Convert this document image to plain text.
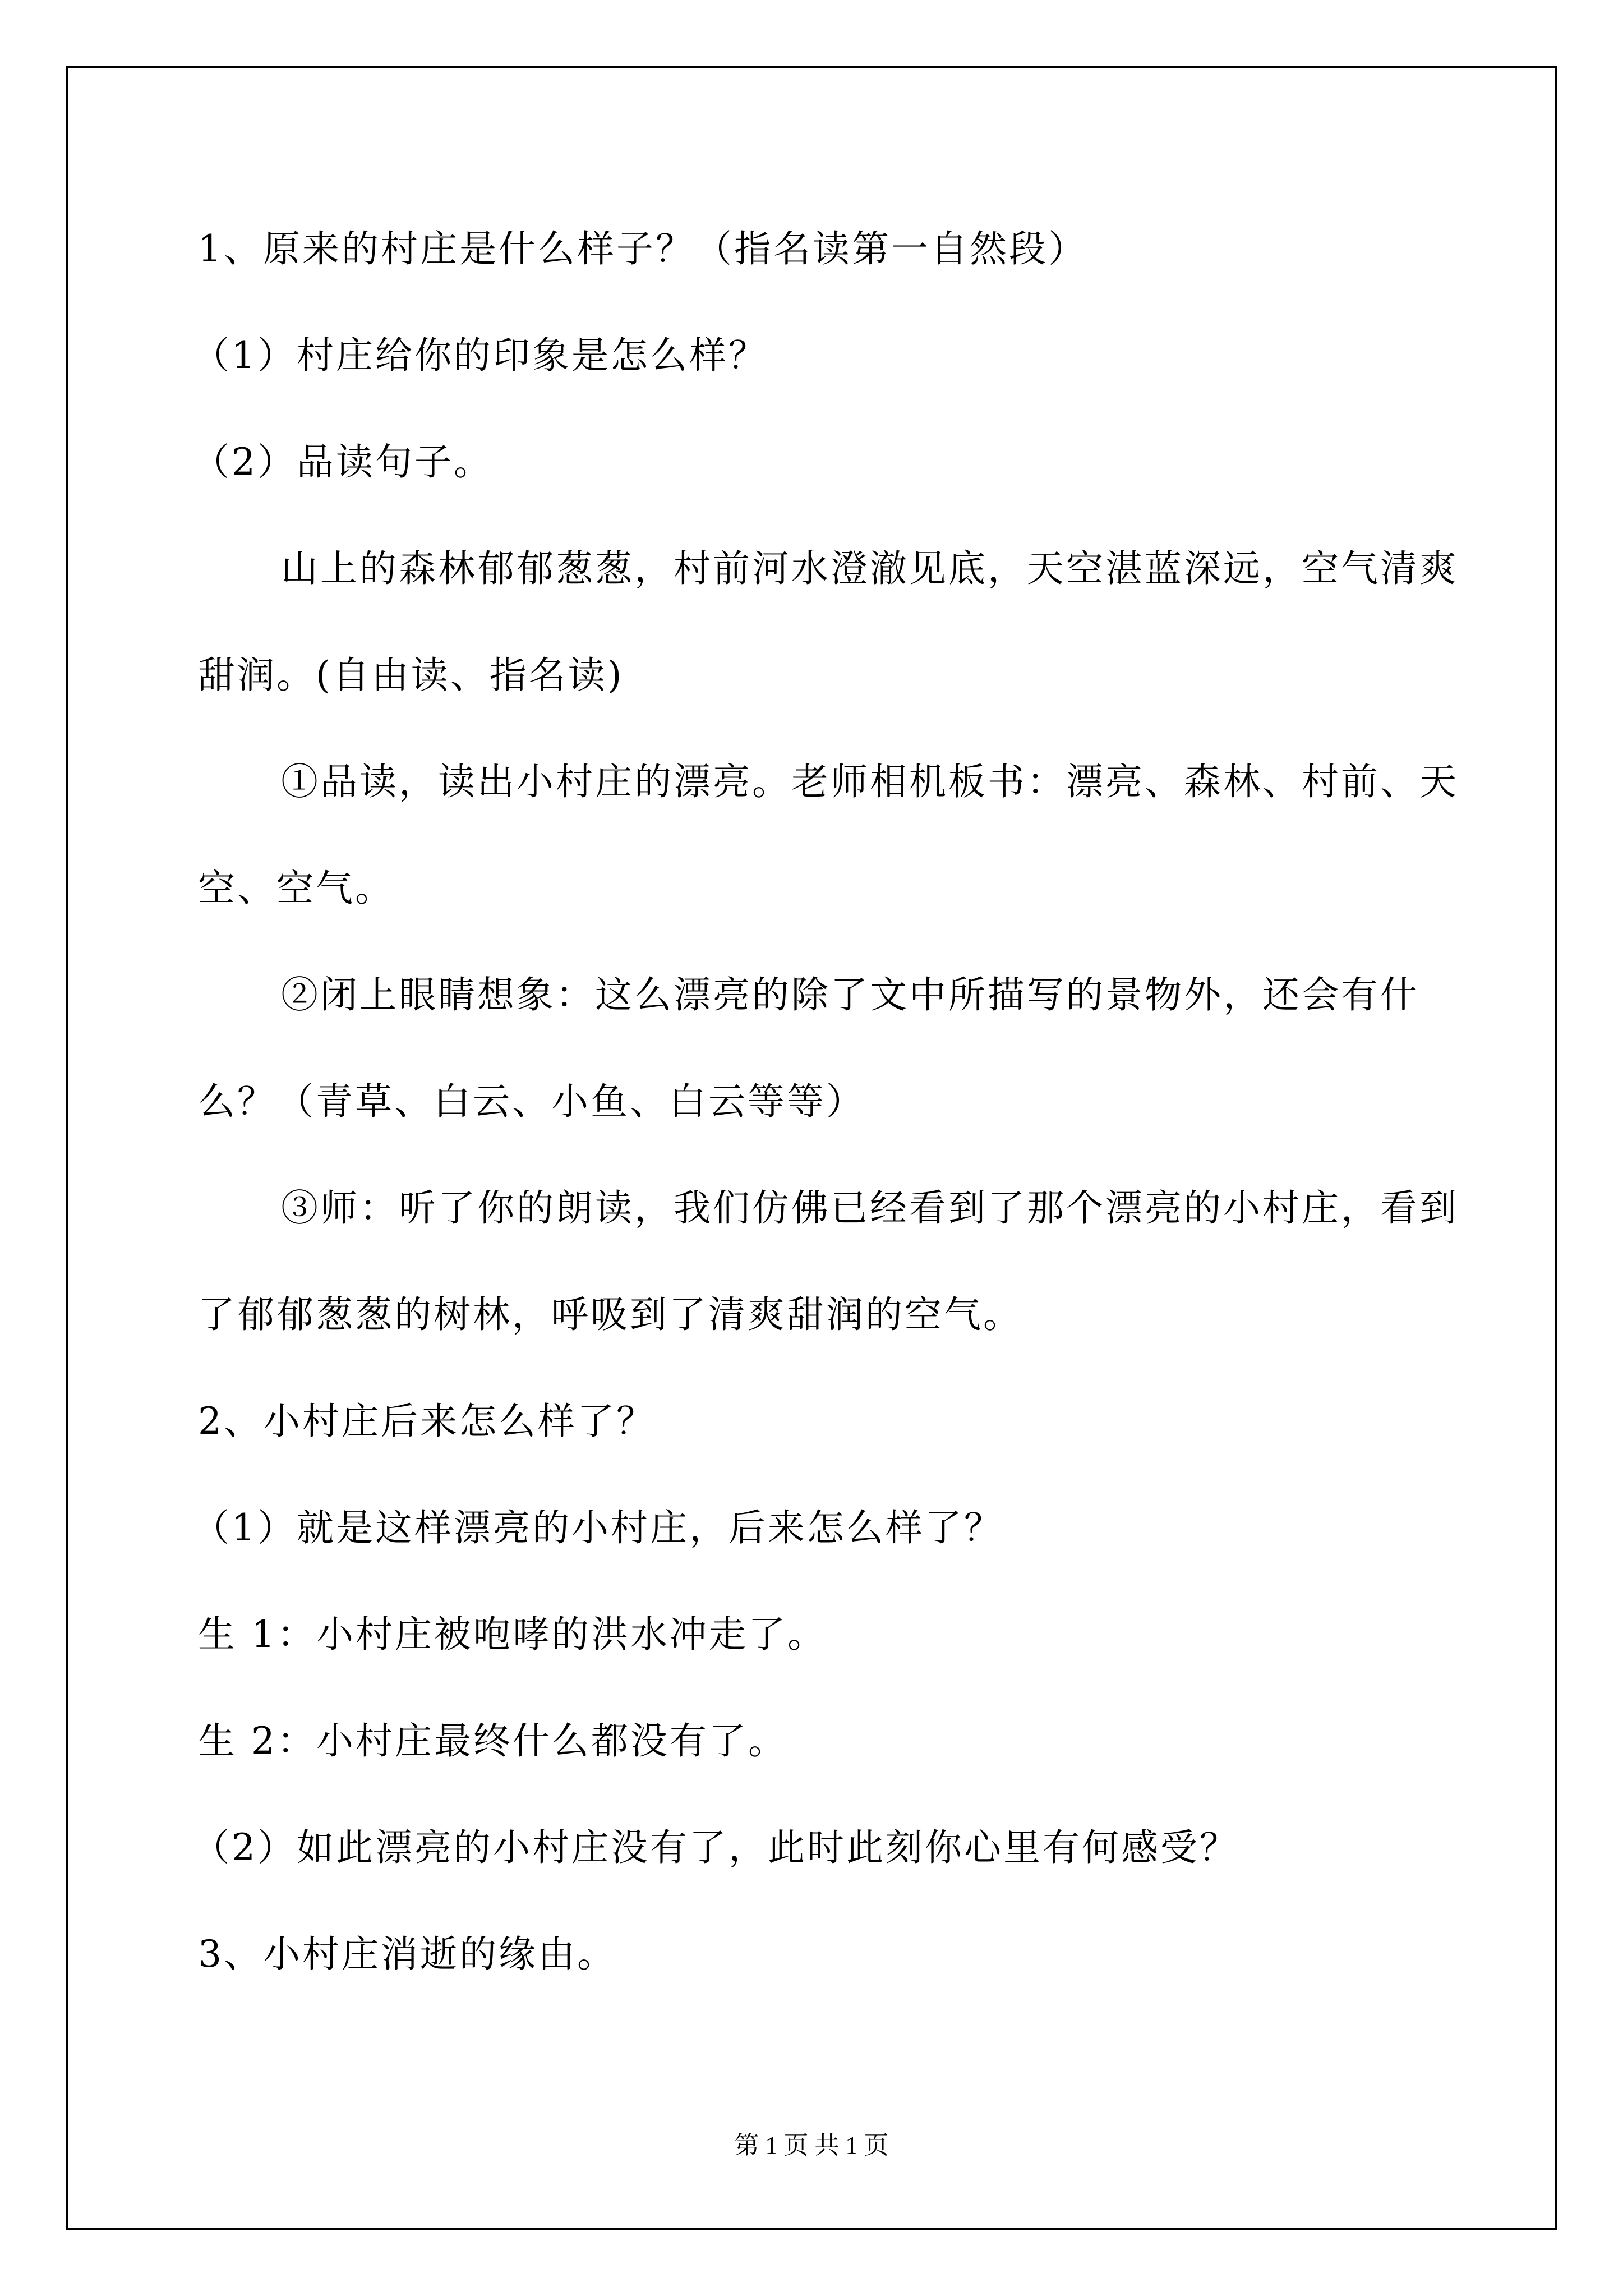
1、原来的村庄是什么样子？（指名读第一自然段）

（1）村庄给你的印象是怎么样？

（2）品读句子。

山上的森林郁郁葱葱，村前河水澄澈见底，天空湛蓝深远，空气清爽甜润。(自由读、指名读)

①品读，读出小村庄的漂亮。老师相机板书：漂亮、森林、村前、天空、空气。

②闭上眼睛想象：这么漂亮的除了文中所描写的景物外，还会有什么？（青草、白云、小鱼、白云等等）

③师：听了你的朗读，我们仿佛已经看到了那个漂亮的小村庄，看到了郁郁葱葱的树林，呼吸到了清爽甜润的空气。

2、小村庄后来怎么样了？

（1）就是这样漂亮的小村庄，后来怎么样了？

生 1：小村庄被咆哮的洪水冲走了。

生 2：小村庄最终什么都没有了。

（2）如此漂亮的小村庄没有了，此时此刻你心里有何感受？

3、小村庄消逝的缘由。

第 1 页 共 1 页
